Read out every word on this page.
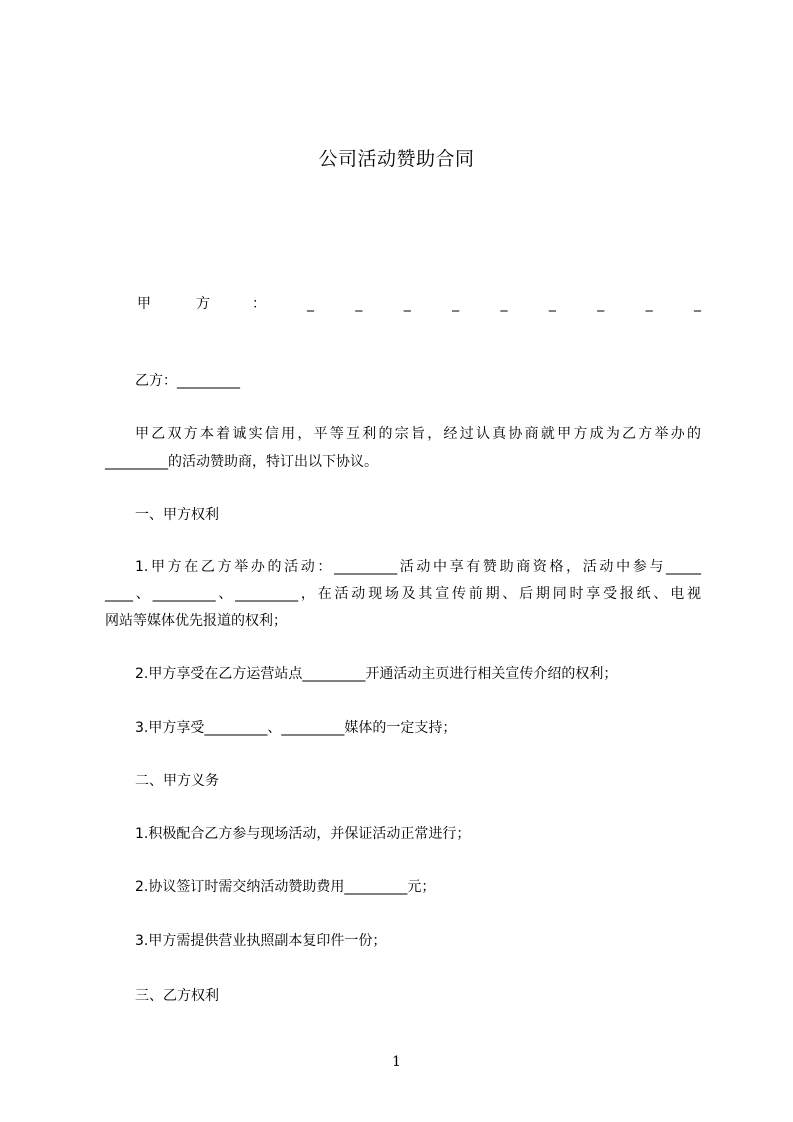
公司活动赞助合同
甲	方	：	_	_	_	_	_	_	_	_	_
乙方：_________
甲乙双方本着诚实信用，平等互利的宗旨，经过认真协商就甲方成为乙方举办的
_________的活动赞助商，特订出以下协议。
一、甲方权利
1.甲方在乙方举办的活动：_________活动中享有赞助商资格，活动中参与_____
____、_________、_________，在活动现场及其宣传前期、后期同时享受报纸、电视
网站等媒体优先报道的权利；
2.甲方享受在乙方运营站点_________开通活动主页进行相关宣传介绍的权利；
3.甲方享受_________、_________媒体的一定支持；
二、甲方义务
1.积极配合乙方参与现场活动，并保证活动正常进行；
2.协议签订时需交纳活动赞助费用_________元；
3.甲方需提供营业执照副本复印件一份；
三、乙方权利
1
